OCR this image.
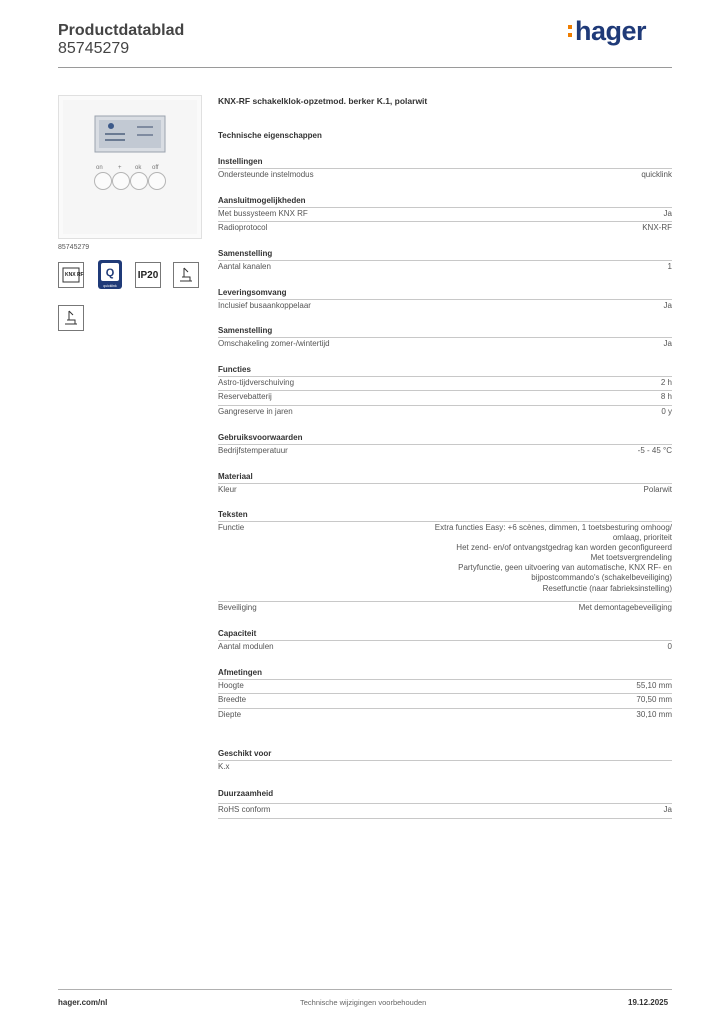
Productdatablad
85745279
hager
on	+ ok off
85745279
KNX RF Q
quicklink
IP20
KNX-RF schakelklok-opzetmod. berker K.1, polarwit
Technische eigenschappen
Instellingen
Ondersteunde instelmodus	quicklink
Aansluitmogelijkheden
Met bussysteem KNX RF	Ja
Radioprotocol	KNX-RF
Samenstelling
Aantal kanalen	1
Leveringsomvang
Inclusief busaankoppelaar	Ja
Samenstelling
Omschakeling zomer-/wintertijd	Ja
Functies
Astro-tijdverschuiving	2 h
Reservebatterij	8 h
Gangreserve in jaren	0 y
Gebruiksvoorwaarden
Bedrijfstemperatuur	-5 - 45 °C
Materiaal
Kleur	Polarwit
Teksten
Functie	Extra functies Easy: +6 scènes, dimmen, 1 toetsbesturing omhoog/
omlaag, prioriteit
Het zend- en/of ontvangstgedrag kan worden geconfigureerd
Met toetsvergrendeling
Partyfunctie, geen uitvoering van automatische, KNX RF- en
bijpostcommando's (schakelbeveiliging)
Resetfunctie (naar fabrieksinstelling)
Beveiliging	Met demontagebeveiliging
Capaciteit
Aantal modulen	0
Afmetingen
Hoogte	55,10 mm
Breedte	70,50 mm
Diepte	30,10 mm
Geschikt voor
K.x
Duurzaamheid
RoHS conform	Ja
hager.com/nl	Technische wijzigingen voorbehouden	19.12.2025
